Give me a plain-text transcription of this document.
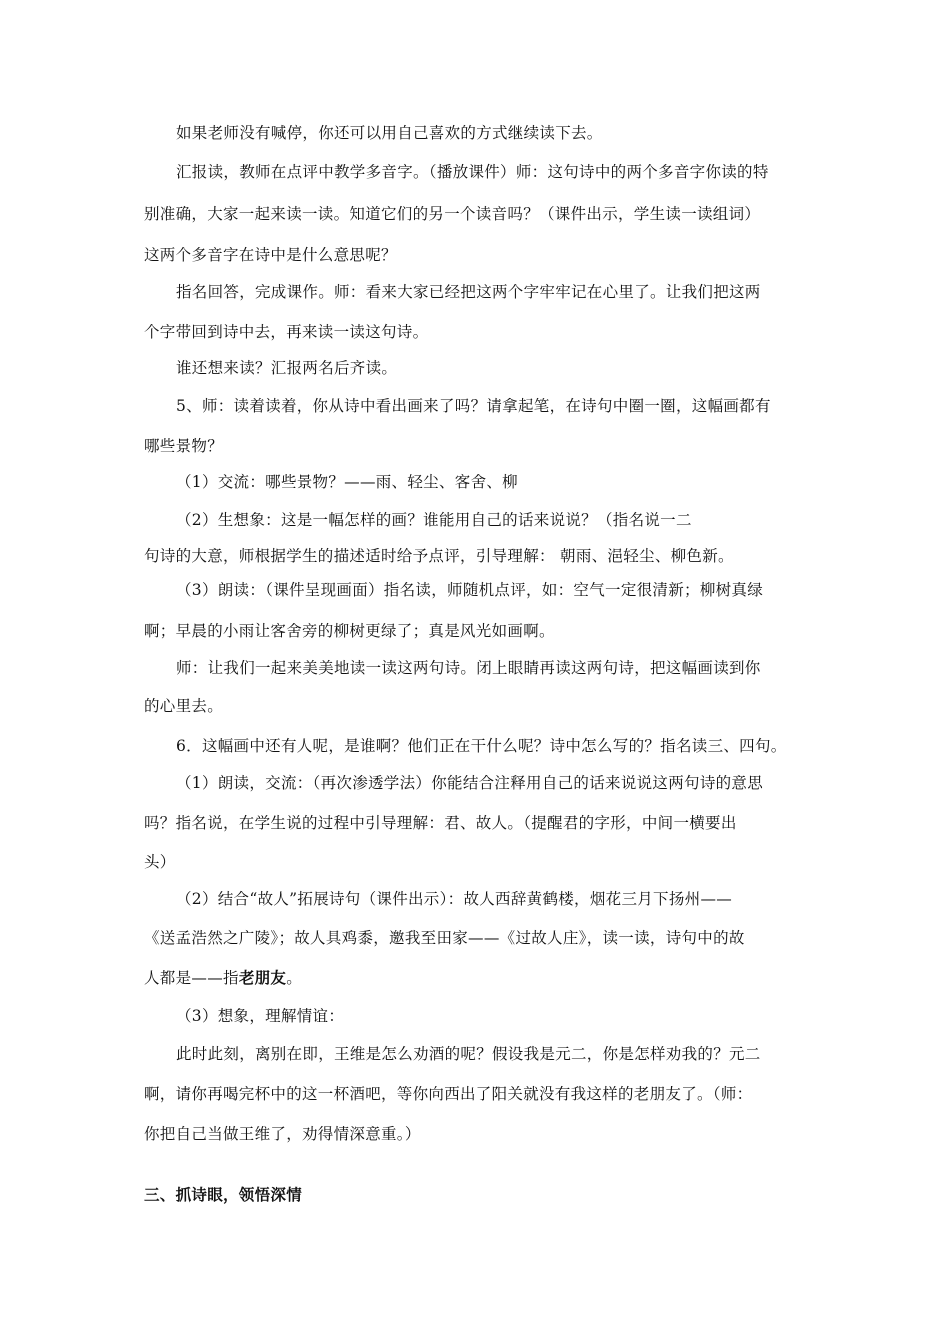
如果老师没有喊停，你还可以用自己喜欢的方式继续读下去。
汇报读，教师在点评中教学多音字。（播放课件）师：这句诗中的两个多音字你读的特
别准确，大家一起来读一读。知道它们的另一个读音吗？（课件出示，学生读一读组词）
这两个多音字在诗中是什么意思呢？
指名回答，完成课作。师：看来大家已经把这两个字牢牢记在心里了。让我们把这两
个字带回到诗中去，再来读一读这句诗。
谁还想来读？汇报两名后齐读。
5、师：读着读着，你从诗中看出画来了吗？请拿起笔，在诗句中圈一圈，这幅画都有
哪些景物？
（1）交流：哪些景物？——雨、轻尘、客舍、柳
（2）生想象：这是一幅怎样的画？谁能用自己的话来说说？（指名说一二
句诗的大意，师根据学生的描述适时给予点评，引导理解： 朝雨、浥轻尘、柳色新。
（3）朗读：（课件呈现画面）指名读，师随机点评，如：空气一定很清新；柳树真绿
啊；早晨的小雨让客舍旁的柳树更绿了；真是风光如画啊。
师：让我们一起来美美地读一读这两句诗。闭上眼睛再读这两句诗，把这幅画读到你
的心里去。
6．这幅画中还有人呢，是谁啊？他们正在干什么呢？诗中怎么写的？指名读三、四句。
（1）朗读，交流：（再次渗透学法）你能结合注释用自己的话来说说这两句诗的意思
吗？指名说，在学生说的过程中引导理解：君、故人。（提醒君的字形，中间一横要出
头）
（2）结合“故人”拓展诗句（课件出示）：故人西辞黄鹤楼，烟花三月下扬州——
《送孟浩然之广陵》；故人具鸡黍，邀我至田家——《过故人庄》，读一读，诗句中的故
人都是——指老朋友。
（3）想象，理解情谊：
此时此刻，离别在即，王维是怎么劝酒的呢？假设我是元二，你是怎样劝我的？元二
啊，请你再喝完杯中的这一杯酒吧，等你向西出了阳关就没有我这样的老朋友了。（师：
你把自己当做王维了，劝得情深意重。）
三、抓诗眼，领悟深情
